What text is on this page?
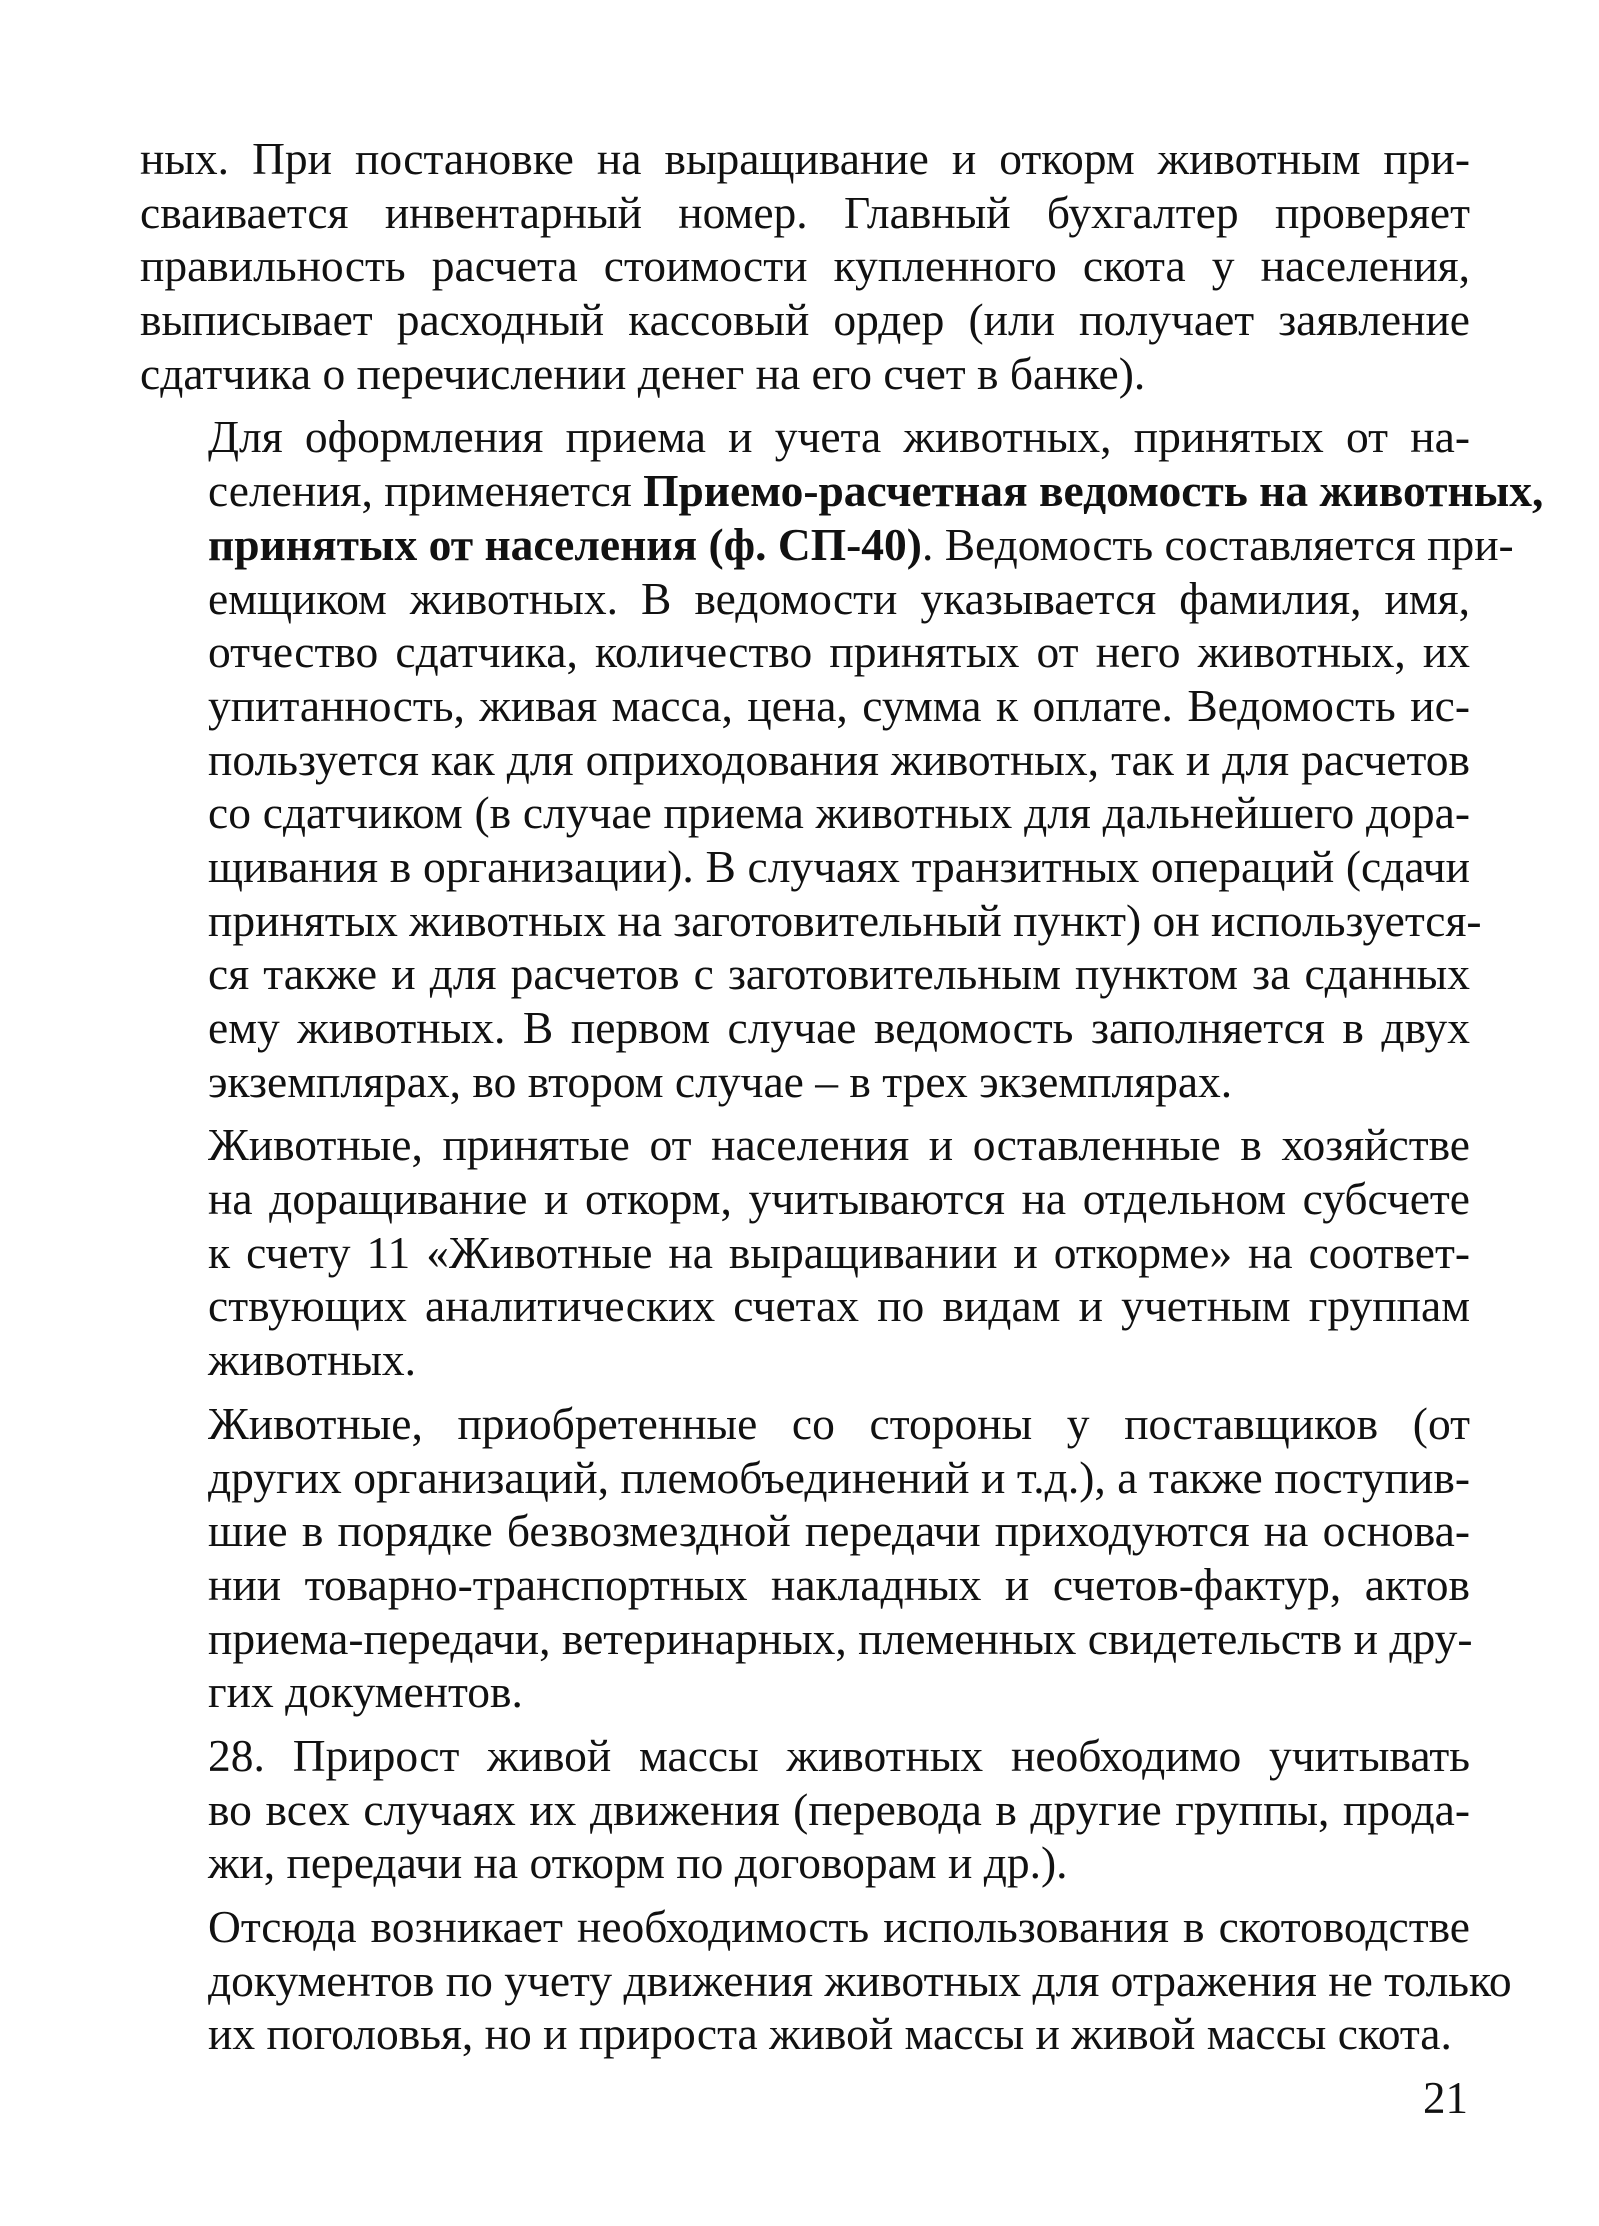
ных. При постановке на выращивание и откорм животным при-
сваивается инвентарный номер. Главный бухгалтер проверяет
правильность расчета стоимости купленного скота у населения,
выписывает расходный кассовый ордер (или получает заявление
сдатчика о перечислении денег на его счет в банке).
Для оформления приема и учета животных, принятых от на-
селения, применяется Приемо-расчетная ведомость на животных,
принятых от населения (ф. СП-40). Ведомость составляется при-
емщиком животных. В ведомости указывается фамилия, имя,
отчество сдатчика, количество принятых от него животных, их
упитанность, живая масса, цена, сумма к оплате. Ведомость ис-
пользуется как для оприходования животных, так и для расчетов
со сдатчиком (в случае приема животных для дальнейшего дора-
щивания в организации). В случаях транзитных операций (сдачи
принятых животных на заготовительный пункт) он используется-
ся также и для расчетов с заготовительным пунктом за сданных
ему животных. В первом случае ведомость заполняется в двух
экземплярах, во втором случае – в трех экземплярах.
Животные, принятые от населения и оставленные в хозяйстве
на доращивание и откорм, учитываются на отдельном субсчете
к счету 11 «Животные на выращивании и откорме» на соответ-
ствующих аналитических счетах по видам и учетным группам
животных.
Животные, приобретенные со стороны у поставщиков (от
других организаций, племобъединений и т.д.), а также поступив-
шие в порядке безвозмездной передачи приходуются на основа-
нии товарно-транспортных накладных и счетов-фактур, актов
приема-передачи, ветеринарных, племенных свидетельств и дру-
гих документов.
28. Прирост живой массы животных необходимо учитывать
во всех случаях их движения (перевода в другие группы, прода-
жи, передачи на откорм по договорам и др.).
Отсюда возникает необходимость использования в скотоводстве
документов по учету движения животных для отражения не только
их поголовья, но и прироста живой массы и живой массы скота.
21
